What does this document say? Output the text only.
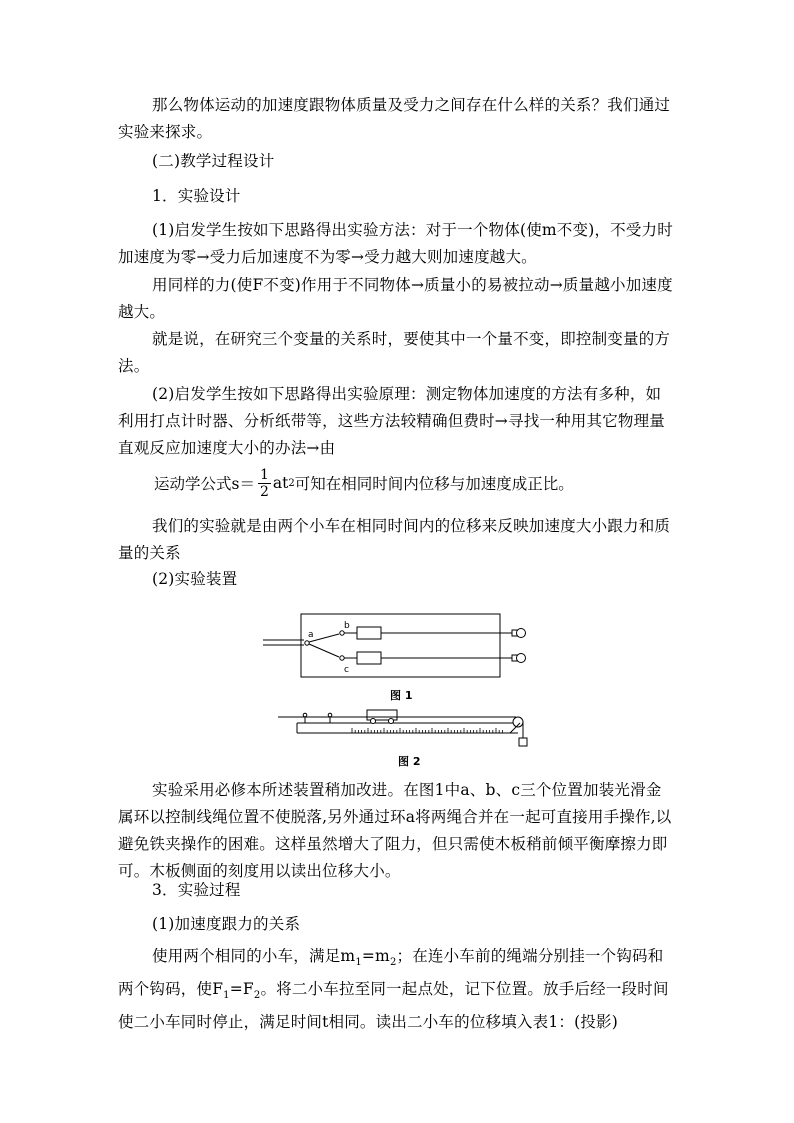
那么物体运动的加速度跟物体质量及受力之间存在什么样的关系？我们通过实验来探求。

(二)教学过程设计

1．实验设计

(1)启发学生按如下思路得出实验方法：对于一个物体(使m不变)，不受力时加速度为零→受力后加速度不为零→受力越大则加速度越大。

用同样的力(使F不变)作用于不同物体→质量小的易被拉动→质量越小加速度越大。

就是说，在研究三个变量的关系时，要使其中一个量不变，即控制变量的方法。

(2)启发学生按如下思路得出实验原理：测定物体加速度的方法有多种，如利用打点计时器、分析纸带等，这些方法较精确但费时→寻找一种用其它物理量直观反应加速度大小的办法→由

运动学公式$s= \frac{1}{2}$ at 2 可知在相同时间内位移与加速度成正比。

我们的实验就是由两个小车在相同时间内的位移来反映加速度大小跟力和质量的关系

(2)实验装置

a
b
c
图 1
图 2

实验采用必修本所述装置稍加改进。在图1中a、b、c三个位置加装光滑金属环以控制线绳位置不使脱落,另外通过环a将两绳合并在一起可直接用手操作,以避免铁夹操作的困难。这样虽然增大了阻力，但只需使木板稍前倾平衡摩擦力即可。木板侧面的刻度用以读出位移大小。

3．实验过程

(1)加速度跟力的关系

使用两个相同的小车，满足$m_1=m_2$；在连小车前的绳端分别挂一个钩码和两个钩码，使$F_1=F_2$。将二小车拉至同一起点处，记下位置。放手后经一段时间使二小车同时停止，满足时间t相同。读出二小车的位移填入表1：(投影)
